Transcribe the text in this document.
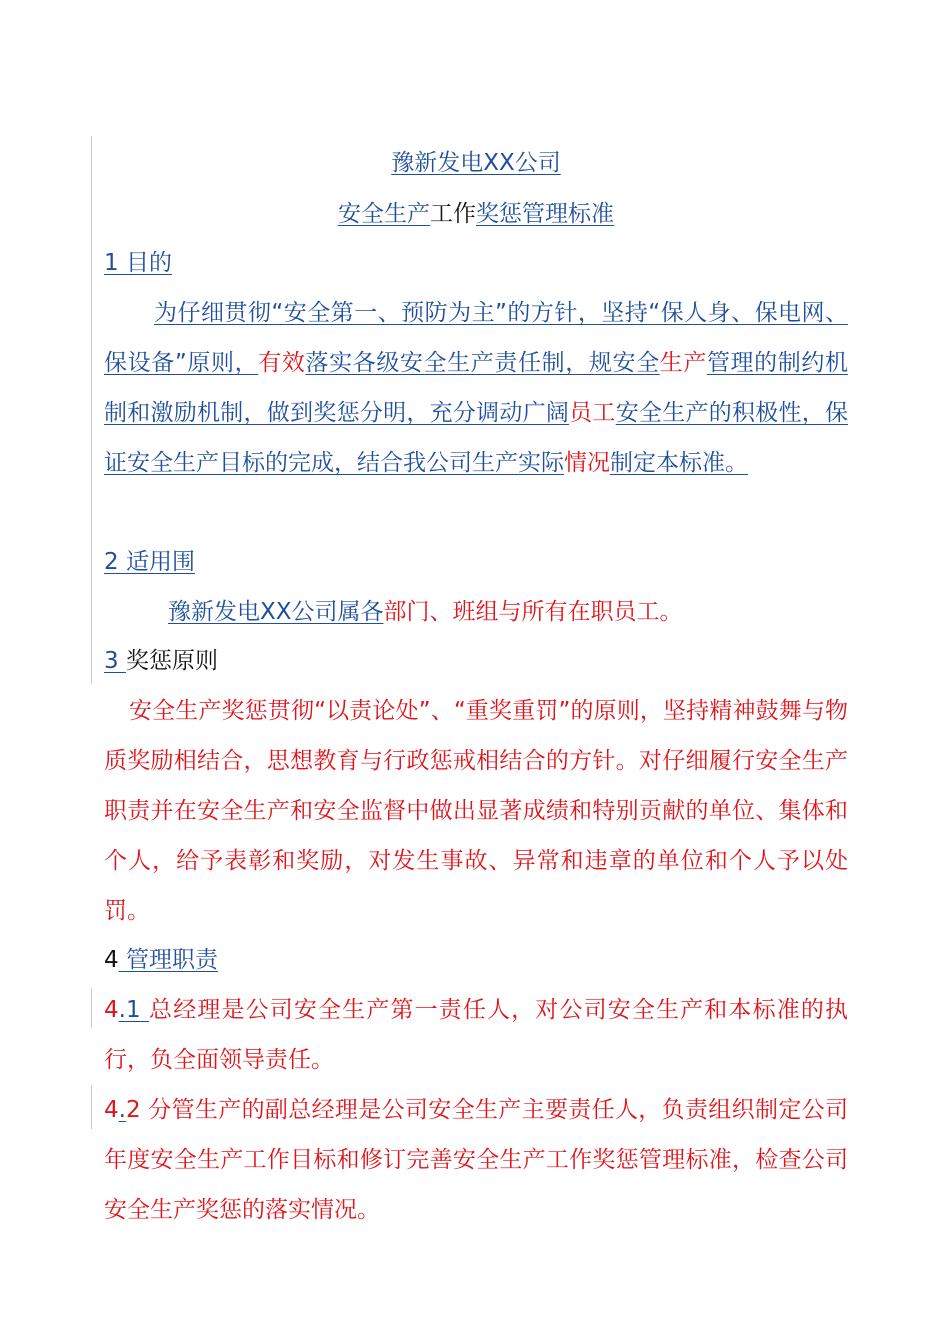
豫新发电XX公司
安全生产工作奖惩管理标准
1 目的
为仔细贯彻“安全第一、预防为主”的方针，坚持“保人身、保电网、保设备”原则，有效落实各级安全生产责任制，规安全生产管理的制约机制和激励机制，做到奖惩分明，充分调动广阔员工安全生产的积极性，保证安全生产目标的完成，结合我公司生产实际情况制定本标准。
2 适用围
豫新发电XX公司属各部门、班组与所有在职员工。
3 奖惩原则
安全生产奖惩贯彻“以责论处”、“重奖重罚”的原则，坚持精神鼓舞与物质奖励相结合，思想教育与行政惩戒相结合的方针。对仔细履行安全生产职责并在安全生产和安全监督中做出显著成绩和特别贡献的单位、集体和个人，给予表彰和奖励，对发生事故、异常和违章的单位和个人予以处罚。
4 管理职责
4.1 总经理是公司安全生产第一责任人，对公司安全生产和本标准的执行，负全面领导责任。
4.2 分管生产的副总经理是公司安全生产主要责任人，负责组织制定公司年度安全生产工作目标和修订完善安全生产工作奖惩管理标准，检查公司安全生产奖惩的落实情况。
